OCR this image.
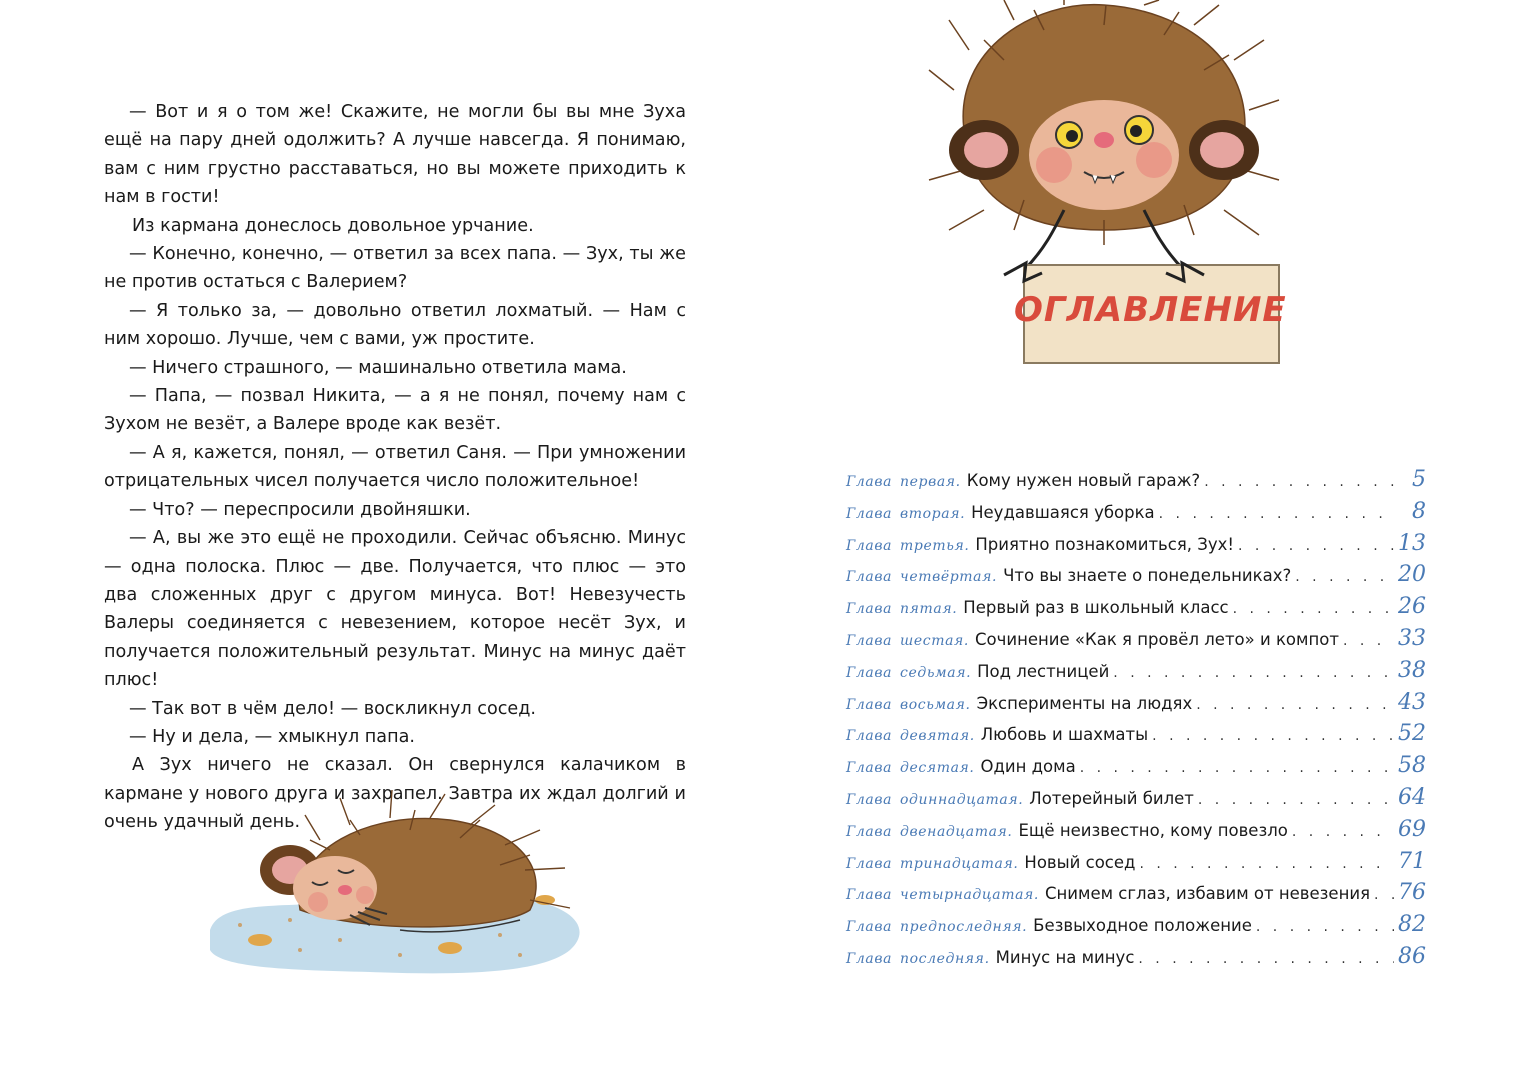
— Вот и я о том же! Скажите, не могли бы вы мне Зуха ещё на пару дней одолжить? А лучше навсегда. Я понимаю, вам с ним грустно расставаться, но вы можете приходить к нам в гости!

Из кармана донеслось довольное урчание.

— Конечно, конечно, — ответил за всех папа. — Зух, ты же не против остаться с Валерием?

— Я только за, — довольно ответил лохматый. — Нам с ним хорошо. Лучше, чем с вами, уж простите.

— Ничего страшного, — машинально ответила мама.

— Папа, — позвал Никита, — а я не понял, почему нам с Зухом не везёт, а Валере вроде как везёт.

— А я, кажется, понял, — ответил Саня. — При умножении отрицательных чисел получается число положительное!

— Что? — переспросили двойняшки.

— А, вы же это ещё не проходили. Сейчас объясню. Минус — одна полоска. Плюс — две. Получается, что плюс — это два сложенных друг с другом минуса. Вот! Невезучесть Валеры соединяется с невезением, которое несёт Зух, и получается положительный результат. Минус на минус даёт плюс!

— Так вот в чём дело! — воскликнул сосед.

— Ну и дела, — хмыкнул папа.

А Зух ничего не сказал. Он свернулся калачиком в кармане у нового друга и захрапел. Завтра их ждал долгий и очень удачный день.

ОГЛАВЛЕНИЕ
Глава первая . Кому нужен новый гараж? . . .	5
Глава вторая . Неудавшаяся уборка . . .	8
Глава третья . Приятно познакомиться, Зух! . . .	13
Глава четвёртая . Что вы знаете о понедельниках? . . .	20
Глава пятая . Первый раз в школьный класс . . .	26
Глава шестая . Сочинение «Как я провёл лето» и компот . . .	33
Глава седьмая . Под лестницей . . .	38
Глава восьмая . Эксперименты на людях . . .	43
Глава девятая . Любовь и шахматы . . .	52
Глава десятая . Один дома . . .	58
Глава одиннадцатая . Лотерейный билет . . .	64
Глава двенадцатая . Ещё неизвестно, кому повезло . . .	69
Глава тринадцатая . Новый сосед . . .	71
Глава четырнадцатая . Снимем сглаз, избавим от невезения . . . 76
Глава предпоследняя . Безвыходное положение . . .	82
Глава последняя . Минус на минус . . .	86
